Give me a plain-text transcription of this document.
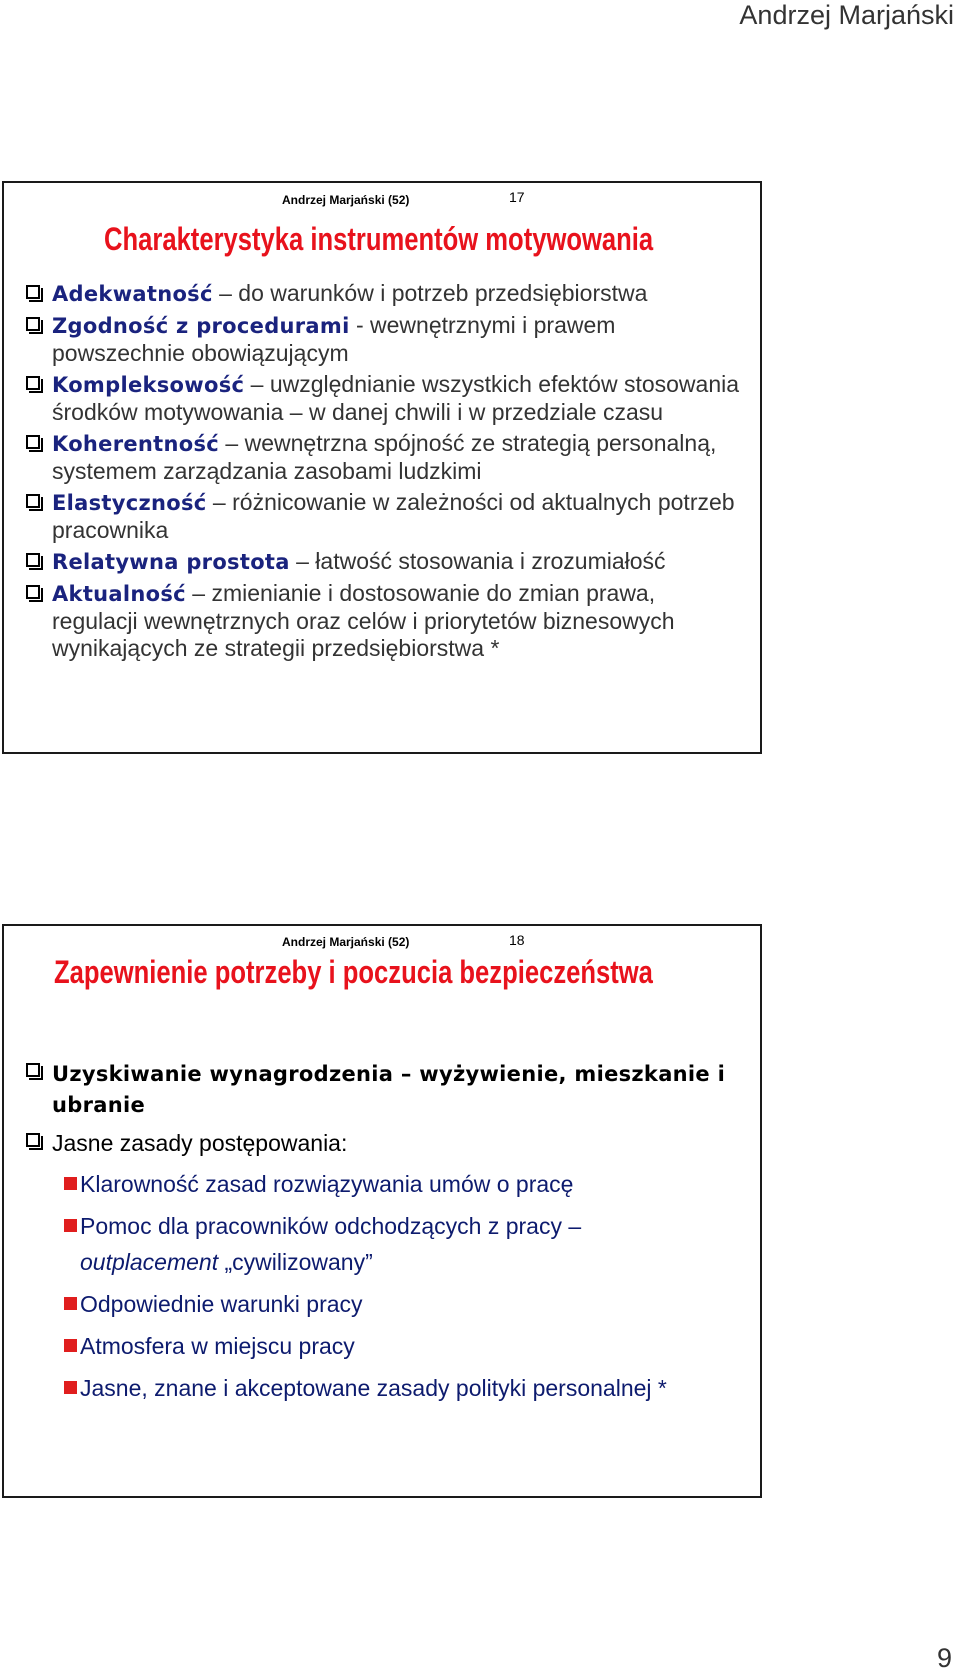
Andrzej Marjański
Andrzej Marjański (52)	17
Charakterystyka instrumentów motywowania
Adekwatność – do warunków i potrzeb przedsiębiorstwa
Zgodność z procedurami - wewnętrznymi i prawem powszechnie obowiązującym
Kompleksowość – uwzględnianie wszystkich efektów stosowania środków motywowania – w danej chwili i w przedziale czasu
Koherentność – wewnętrzna spójność ze strategią personalną, systemem zarządzania zasobami ludzkimi
Elastyczność – różnicowanie w zależności od aktualnych potrzeb pracownika
Relatywna prostota – łatwość stosowania i zrozumiałość
Aktualność – zmienianie i dostosowanie do zmian prawa, regulacji wewnętrznych oraz celów i priorytetów biznesowych wynikających ze strategii przedsiębiorstwa *
Andrzej Marjański (52)	18
Zapewnienie potrzeby i poczucia bezpieczeństwa
Uzyskiwanie wynagrodzenia – wyżywienie, mieszkanie i ubranie
Jasne zasady postępowania:
Klarowność zasad rozwiązywania umów o pracę
Pomoc dla pracowników odchodzących z pracy –
outplacement „cywilizowany”
Odpowiednie warunki pracy
Atmosfera w miejscu pracy
Jasne, znane i akceptowane zasady polityki personalnej *
9
